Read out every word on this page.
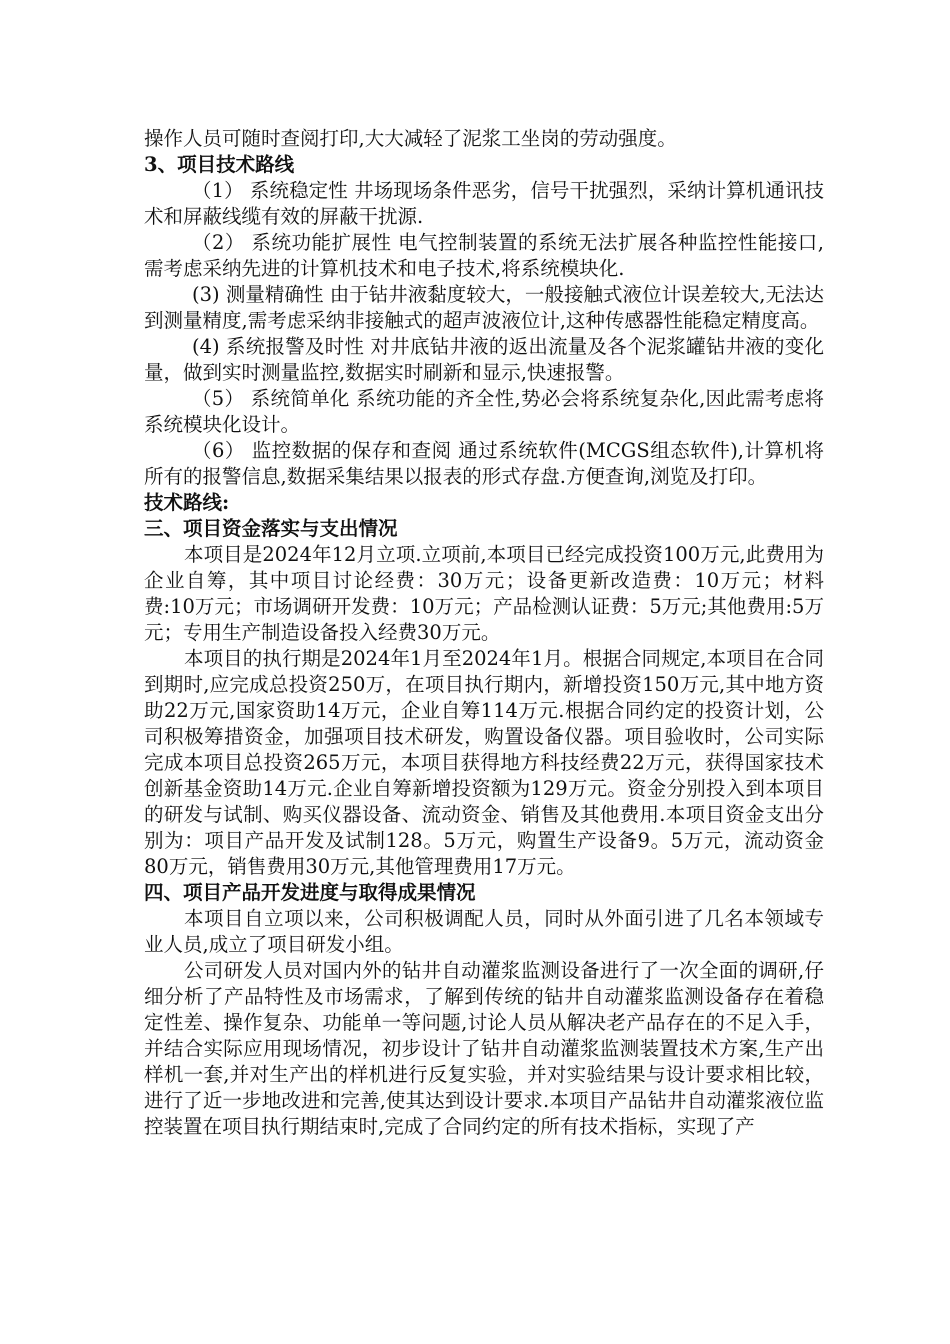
操作人员可随时查阅打印,大大减轻了泥浆工坐岗的劳动强度。

3、项目技术路线

（1） 系统稳定性 井场现场条件恶劣，信号干扰强烈，采纳计算机通讯技术和屏蔽线缆有效的屏蔽干扰源.

（2） 系统功能扩展性 电气控制装置的系统无法扩展各种监控性能接口,需考虑采纳先进的计算机技术和电子技术,将系统模块化.

(3) 测量精确性 由于钻井液黏度较大，一般接触式液位计误差较大,无法达到测量精度,需考虑采纳非接触式的超声波液位计,这种传感器性能稳定精度高。

(4) 系统报警及时性 对井底钻井液的返出流量及各个泥浆罐钻井液的变化量，做到实时测量监控,数据实时刷新和显示,快速报警。

（5） 系统简单化 系统功能的齐全性,势必会将系统复杂化,因此需考虑将系统模块化设计。

（6） 监控数据的保存和查阅 通过系统软件(MCGS组态软件),计算机将所有的报警信息,数据采集结果以报表的形式存盘.方便查询,浏览及打印。

技术路线:

三、项目资金落实与支出情况

本项目是2024年12月立项.立项前,本项目已经完成投资100万元,此费用为企业自筹，其中项目讨论经费：30万元；设备更新改造费：10万元；材料费:10万元；市场调研开发费：10万元；产品检测认证费：5万元;其他费用:5万元；专用生产制造设备投入经费30万元。

本项目的执行期是2024年1月至2024年1月。根据合同规定,本项目在合同到期时,应完成总投资250万，在项目执行期内，新增投资150万元,其中地方资助22万元,国家资助14万元，企业自筹114万元.根据合同约定的投资计划，公司积极筹措资金，加强项目技术研发，购置设备仪器。项目验收时，公司实际完成本项目总投资265万元，本项目获得地方科技经费22万元，获得国家技术创新基金资助14万元.企业自筹新增投资额为129万元。资金分别投入到本项目的研发与试制、购买仪器设备、流动资金、销售及其他费用.本项目资金支出分别为：项目产品开发及试制128。5万元，购置生产设备9。5万元，流动资金80万元，销售费用30万元,其他管理费用17万元。

四、项目产品开发进度与取得成果情况

本项目自立项以来，公司积极调配人员，同时从外面引进了几名本领域专业人员,成立了项目研发小组。

公司研发人员对国内外的钻井自动灌浆监测设备进行了一次全面的调研,仔细分析了产品特性及市场需求，了解到传统的钻井自动灌浆监测设备存在着稳定性差、操作复杂、功能单一等问题,讨论人员从解决老产品存在的不足入手，并结合实际应用现场情况，初步设计了钻井自动灌浆监测装置技术方案,生产出样机一套,并对生产出的样机进行反复实验，并对实验结果与设计要求相比较，进行了近一步地改进和完善,使其达到设计要求.本项目产品钻井自动灌浆液位监控装置在项目执行期结束时,完成了合同约定的所有技术指标，实现了产
